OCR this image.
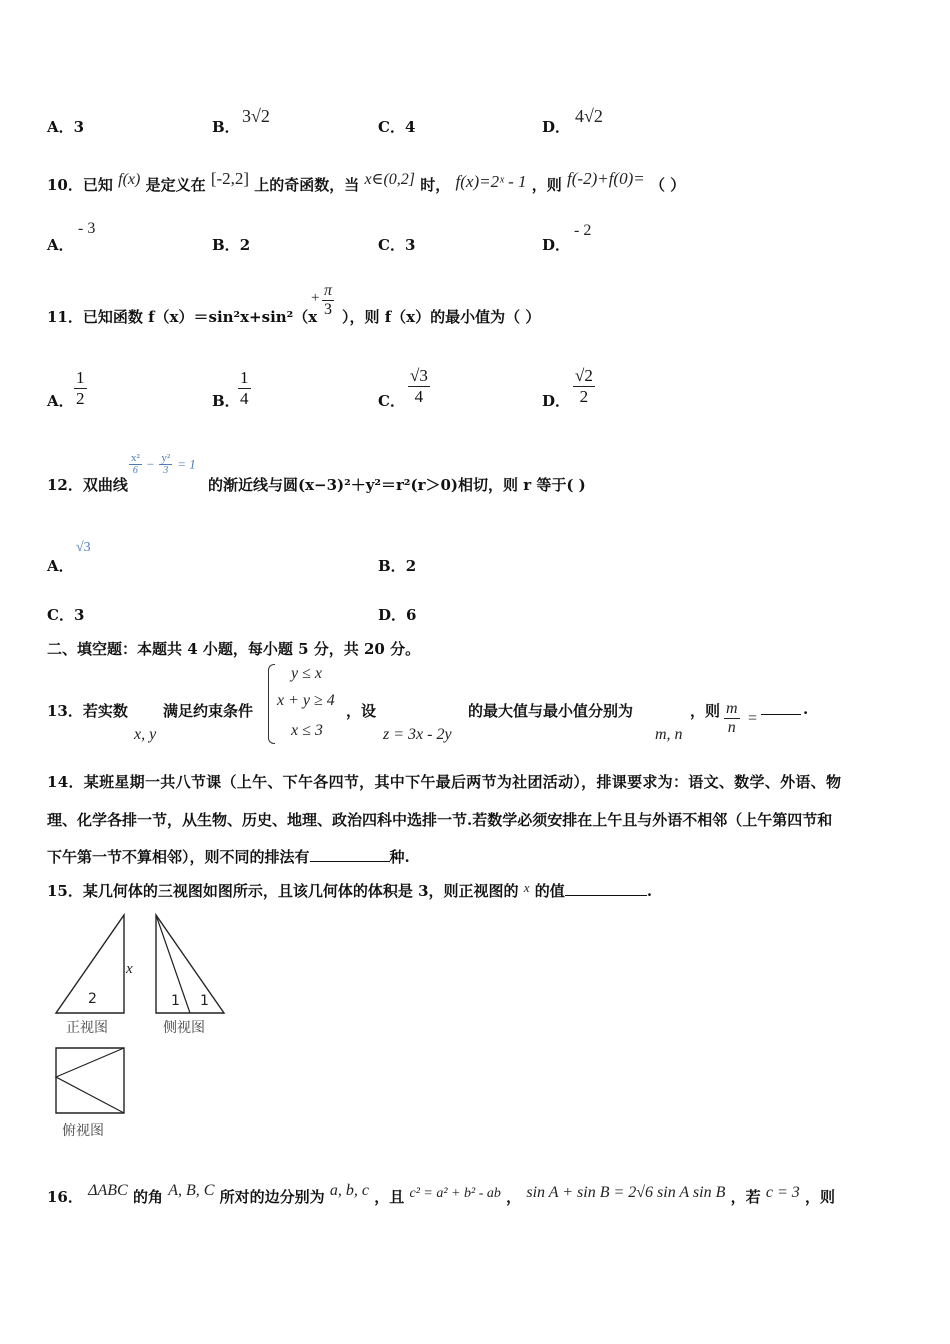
A．3	B．
3√2
C．4	D．
4√2
10．已知 f(x) 是定义在 [-2,2] 上的奇函数，当 x∈(0,2] 时， f(x)=2ˣ - 1 ，则 f(-2)+f(0)= （ ）
A．
- 3
B．2	C．3	D．
- 2
11．已知函数 f（x）＝sin²x+sin²（x
+ $\frac{\pi}{3}$ ），则 f（x）的最小值为（ ）
A． $\frac{1}{2}$	B．
$\frac{1}{4}$	C． $\frac{√3}{4}$	D． $\frac{√2}{2}$
12．双曲线
$\frac{\text{x²}}{6} - \frac{\text{y²}}{3} = 1$
的渐近线与圆(x−3)²＋y²＝r²(r＞0)相切，则 r 等于( )
A．
√3
B．2
C．3	D．6
二、填空题：本题共 4 小题，每小题 5 分，共 20 分。
13．若实数
x, y
满足约束条件
y ≤ x
x + y ≥ 4
x ≤ 3
，设
z = 3x - 2y
的最大值与最小值分别为
m, n
，则 $\frac{m}{n}$ =
.
14．某班星期一共八节课（上午、下午各四节，其中下午最后两节为社团活动），排课要求为：语文、数学、外语、物
理、化学各排一节，从生物、历史、地理、政治四科中选排一节.若数学必须安排在上午且与外语不相邻（上午第四节和
下午第一节不算相邻），则不同的排法有	种.
15．某几何体的三视图如图所示，且该几何体的体积是 3，则正视图的 x 的值	.
2
x
1 1
正视图	侧视图
俯视图
16． ΔABC 的角 A, B, C 所对的边分别为 a, b, c ，且 c² = a² + b² - ab ， sin A + sin B = 2√6 sin A sin B ，若 c = 3 ，则
